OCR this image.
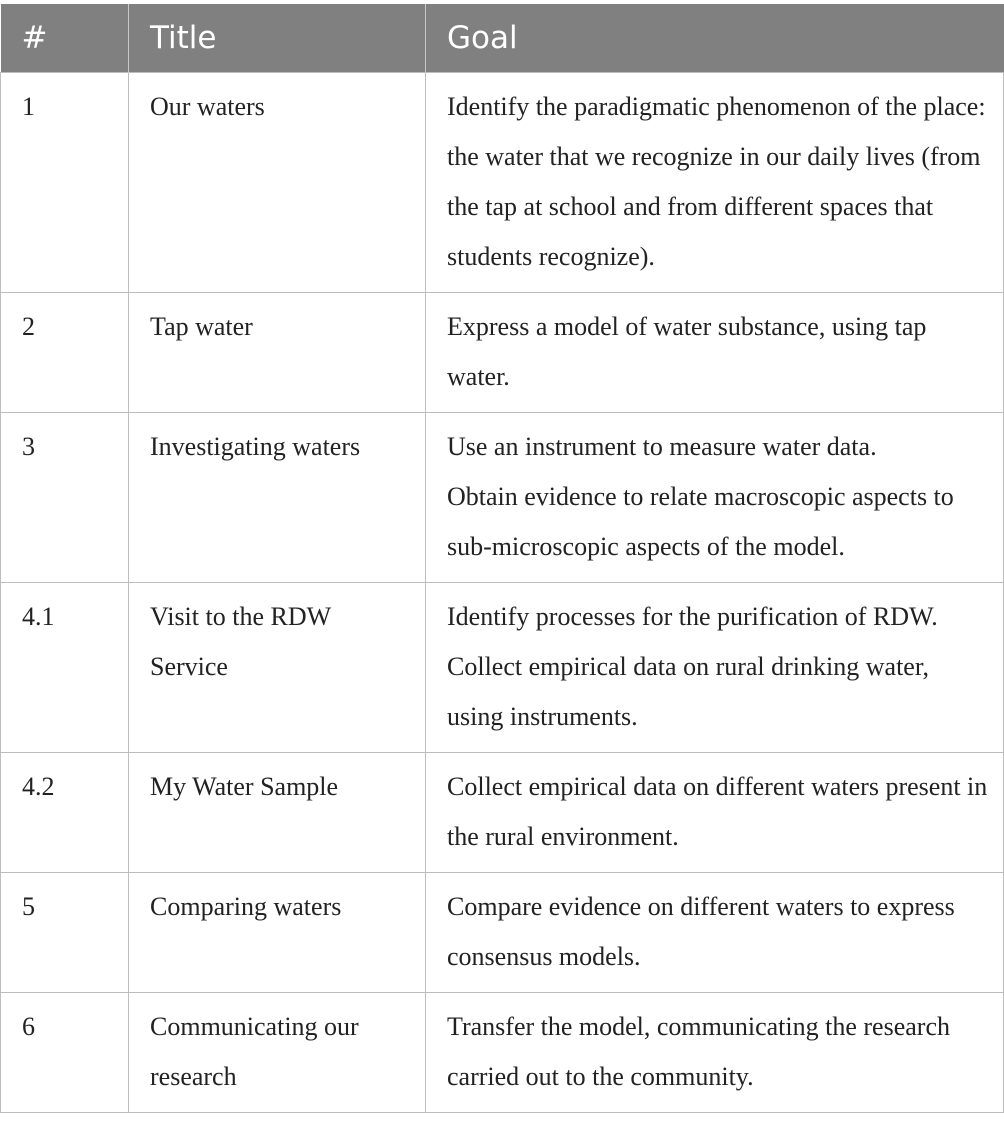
#	Title	Goal
1	Our waters	Identify the paradigmatic phenomenon of the place: the water that we recognize in our daily lives (from the tap at school and from different spaces that students recognize).

2	Tap water	Express a model of water substance, using tap water.

3	Investigating waters	Use an instrument to measure water data.
Obtain evidence to relate macroscopic aspects to sub-microscopic aspects of the model.

4.1	Visit to the RDW Service	Identify processes for the purification of RDW.
Collect empirical data on rural drinking water, using instruments.

4.2	My Water Sample	Collect empirical data on different waters present in the rural environment.

5	Comparing waters	Compare evidence on different waters to express consensus models.

6	Communicating our research	Transfer the model, communicating the research carried out to the community.
